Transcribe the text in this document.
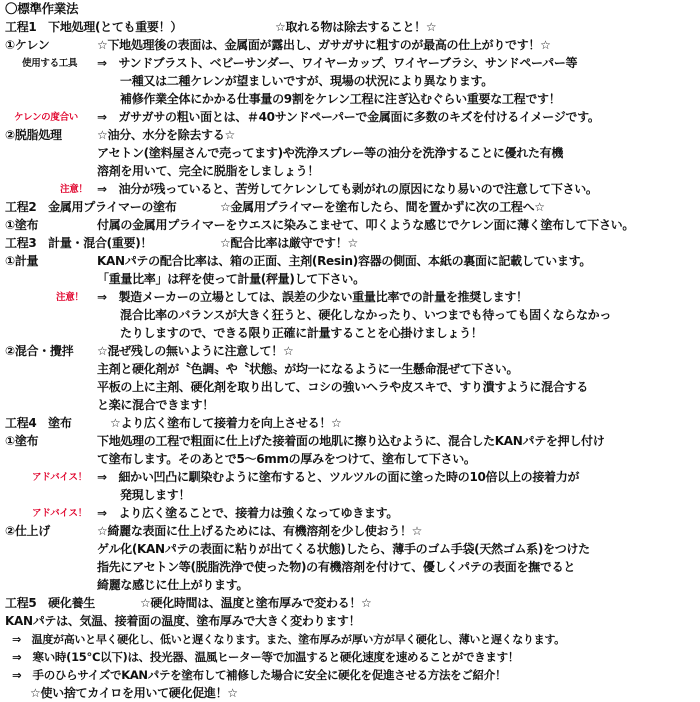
〇標準作業法
工程1　下地処理(とても重要！）	☆取れる物は除去すること！☆
①ケレン	☆下地処理後の表面は、金属面が露出し、ガサガサに粗すのが最高の仕上がりです！☆
使用する工具 ⇒　サンドブラスト、ベビーサンダー、ワイヤーカップ、ワイヤーブラシ、サンドペーパー等
一種又は二種ケレンが望ましいですが、現場の状況により異なります。
補修作業全体にかかる仕事量の9割をケレン工程に注ぎ込むぐらい重要な工程です！
ケレンの度合い ⇒　ガサガサの粗い面とは、＃40サンドペーパーで金属面に多数のキズを付けるイメージです。
②脱脂処理	☆油分、水分を除去する☆
アセトン(塗料屋さんで売ってます)や洗浄スプレー等の油分を洗浄することに優れた有機
溶剤を用いて、完全に脱脂をしましょう！
注意！ ⇒　油分が残っていると、苦労してケレンしても剥がれの原因になり易いので注意して下さい。
工程2　金属用プライマーの塗布	☆金属用プライマーを塗布したら、間を置かずに次の工程へ☆
①塗布	付属の金属用プライマーをウエスに染みこませて、叩くような感じでケレン面に薄く塗布して下さい。
工程3　計量・混合(重要)！	☆配合比率は厳守です！☆
①計量	KANパテの配合比率は、箱の正面、主剤(Resin)容器の側面、本紙の裏面に記載しています。
「重量比率」は秤を使って計量(秤量)して下さい。
注意！ ⇒　製造メーカーの立場としては、誤差の少ない重量比率での計量を推奨します！
混合比率のバランスが大きく狂うと、硬化しなかったり、いつまでも待っても固くならなかっ
たりしますので、できる限り正確に計量することを心掛けましょう！
②混合・攪拌 ☆混ぜ残しの無いように注意して！☆
主剤と硬化剤が〝色調〟や〝状態〟が均一になるように一生懸命混ぜて下さい。
平板の上に主剤、硬化剤を取り出して、コシの強いヘラや皮スキで、すり潰すように混合する
と楽に混合できます！
工程4　塗布	☆より広く塗布して接着力を向上させる！☆
①塗布	下地処理の工程で粗面に仕上げた接着面の地肌に擦り込むように、混合したKANパテを押し付け
て塗布します。そのあとで5～6mmの厚みをつけて、塗布して下さい。
アドバイス！ ⇒　細かい凹凸に馴染むように塗布すると、ツルツルの面に塗った時の10倍以上の接着力が
発現します！
アドバイス！ ⇒　より広く塗ることで、接着力は強くなってゆきます。
②仕上げ	☆綺麗な表面に仕上げるためには、有機溶剤を少し使おう！☆
ゲル化(KANパテの表面に粘りが出てくる状態)したら、薄手のゴム手袋(天然ゴム系)をつけた
指先にアセトン等(脱脂洗浄で使った物)の有機溶剤を付けて、優しくパテの表面を撫でると
綺麗な感じに仕上がります。
工程5　硬化養生	☆硬化時間は、温度と塗布厚みで変わる！☆
KANパテは、気温、接着面の温度、塗布厚みで大きく変わります！
⇒　温度が高いと早く硬化し、低いと遅くなります。また、塗布厚みが厚い方が早く硬化し、薄いと遅くなります。
⇒　寒い時(15℃以下)は、投光器、温風ヒーター等で加温すると硬化速度を速めることができます！
⇒　手のひらサイズでKANパテを塗布して補修した場合に安全に硬化を促進させる方法をご紹介！
☆使い捨てカイロを用いて硬化促進！☆
